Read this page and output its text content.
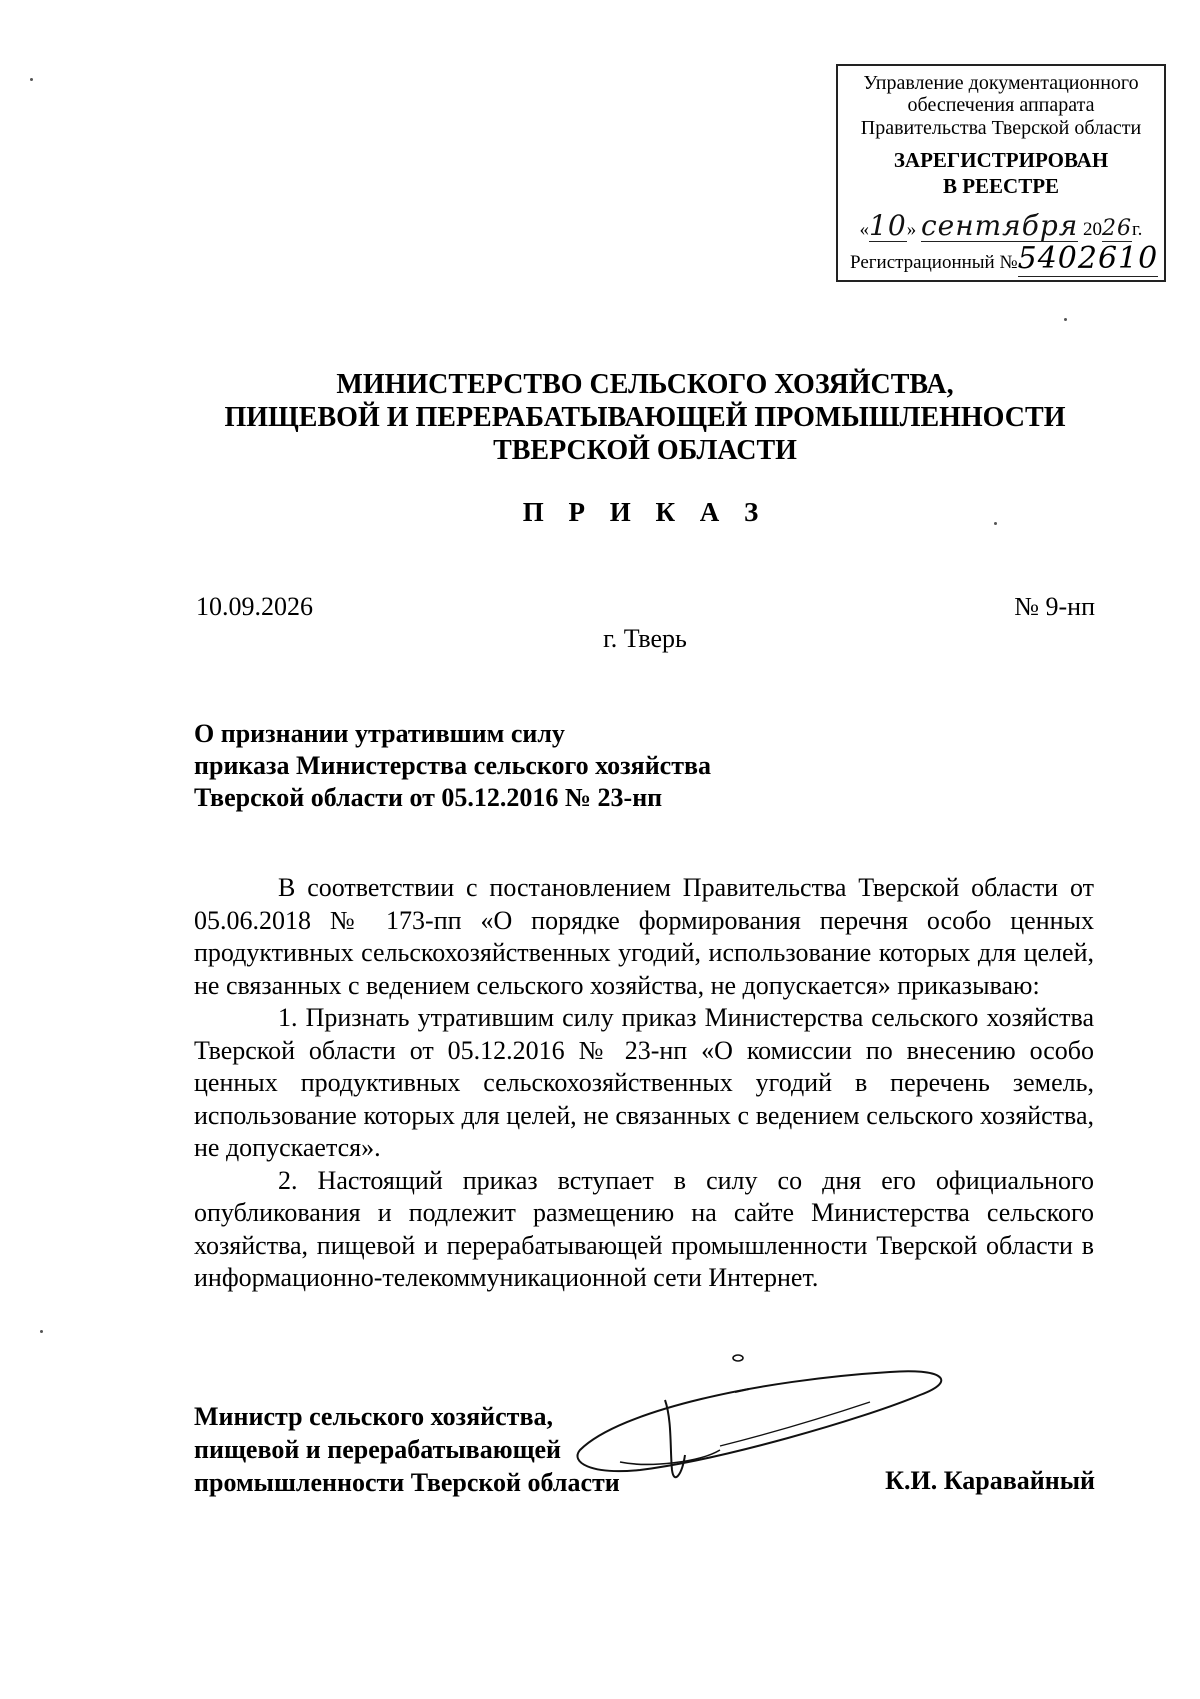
Управление документационного
обеспечения аппарата
Правительства Тверской области
ЗАРЕГИСТРИРОВАН
В РЕЕСТРЕ
«10» сентября 2026г.
Регистрационный №5402610
МИНИСТЕРСТВО СЕЛЬСКОГО ХОЗЯЙСТВА,
ПИЩЕВОЙ И ПЕРЕРАБАТЫВАЮЩЕЙ ПРОМЫШЛЕННОСТИ
ТВЕРСКОЙ ОБЛАСТИ
П Р И К А З
10.09.2026	№ 9-нп
г. Тверь
О признании утратившим силу
приказа Министерства сельского хозяйства
Тверской области от 05.12.2016 № 23-нп

В соответствии с постановлением Правительства Тверской области от 05.06.2018 № 173-пп «О порядке формирования перечня особо ценных продуктивных сельскохозяйственных угодий, использование которых для целей, не связанных с ведением сельского хозяйства, не допускается» приказываю:

1. Признать утратившим силу приказ Министерства сельского хозяйства Тверской области от 05.12.2016 № 23-нп «О комиссии по внесению особо ценных продуктивных сельскохозяйственных угодий в перечень земель, использование которых для целей, не связанных с ведением сельского хозяйства, не допускается».

2. Настоящий приказ вступает в силу со дня его официального опубликования и подлежит размещению на сайте Министерства сельского хозяйства, пищевой и перерабатывающей промышленности Тверской области в информационно-телекоммуникационной сети Интернет.

Министр сельского хозяйства,
пищевой и перерабатывающей
промышленности Тверской области	К.И. Каравайный
